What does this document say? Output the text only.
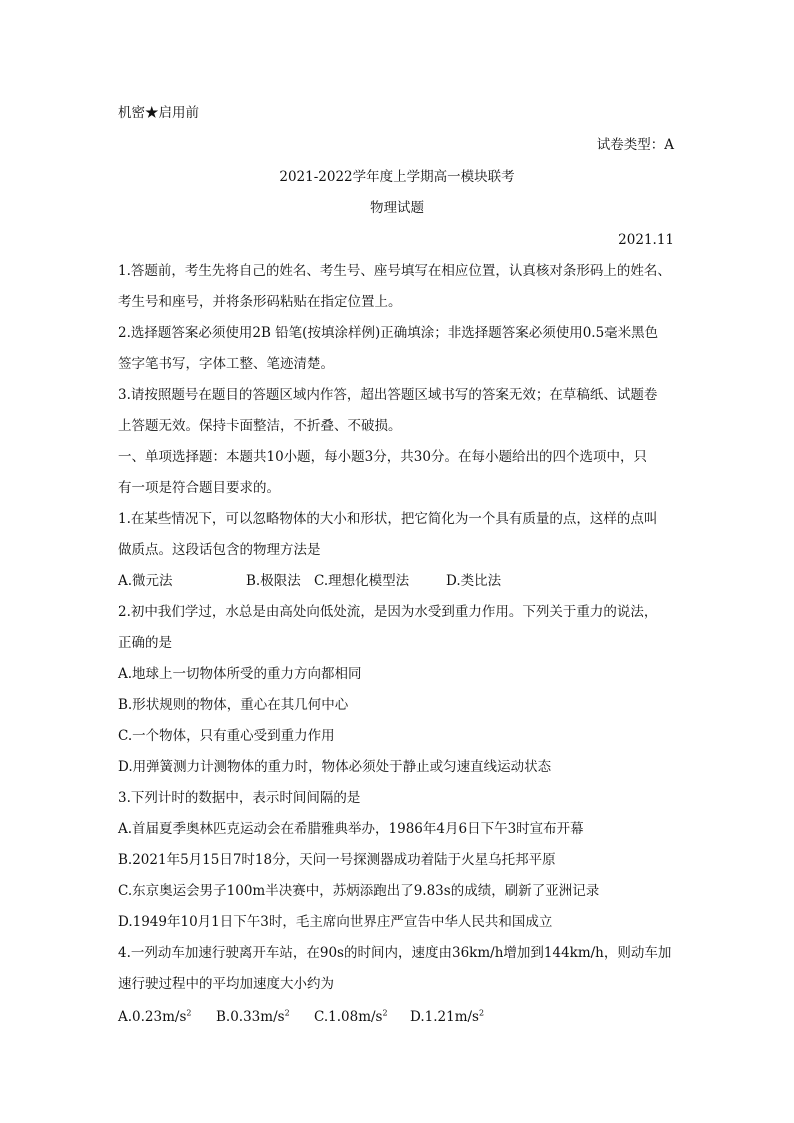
机密★启用前
试卷类型：A
2021-2022学年度上学期高一模块联考
物理试题
2021.11
1.答题前，考生先将自己的姓名、考生号、座号填写在相应位置，认真核对条形码上的姓名、
考生号和座号，并将条形码粘贴在指定位置上。
2.选择题答案必须使用2B 铅笔(按填涂样例)正确填涂；非选择题答案必须使用0.5毫米黑色
签字笔书写，字体工整、笔迹清楚。
3.请按照题号在题目的答题区域内作答，超出答题区域书写的答案无效；在草稿纸、试题卷
上答题无效。保持卡面整洁，不折叠、不破损。
一、单项选择题：本题共10小题，每小题3分，共30分。在每小题给出的四个选项中，只
有一项是符合题目要求的。
1.在某些情况下，可以忽略物体的大小和形状，把它简化为一个具有质量的点，这样的点叫
做质点。这段话包含的物理方法是
A.微元法	B.极限法 C.理想化模型法	D.类比法
2.初中我们学过，水总是由高处向低处流，是因为水受到重力作用。下列关于重力的说法，
正确的是
A.地球上一切物体所受的重力方向都相同
B.形状规则的物体，重心在其几何中心
C.一个物体，只有重心受到重力作用
D.用弹簧测力计测物体的重力时，物体必须处于静止或匀速直线运动状态
3.下列计时的数据中，表示时间间隔的是
A.首届夏季奥林匹克运动会在希腊雅典举办，1986年4月6日下午3时宣布开幕
B.2021年5月15日7时18分，天问一号探测器成功着陆于火星乌托邦平原
C.东京奥运会男子100m半决赛中，苏炳添跑出了9.83s的成绩，刷新了亚洲记录
D.1949年10月1日下午3时，毛主席向世界庄严宣告中华人民共和国成立
4.一列动车加速行驶离开车站，在90s的时间内，速度由36km/h增加到144km/h，则动车加
速行驶过程中的平均加速度大小约为
$A.0.23m/s^2$ $B.0.33m/s^2$ $C.1.08m/s^2$ $D.1.21m/s^2$
